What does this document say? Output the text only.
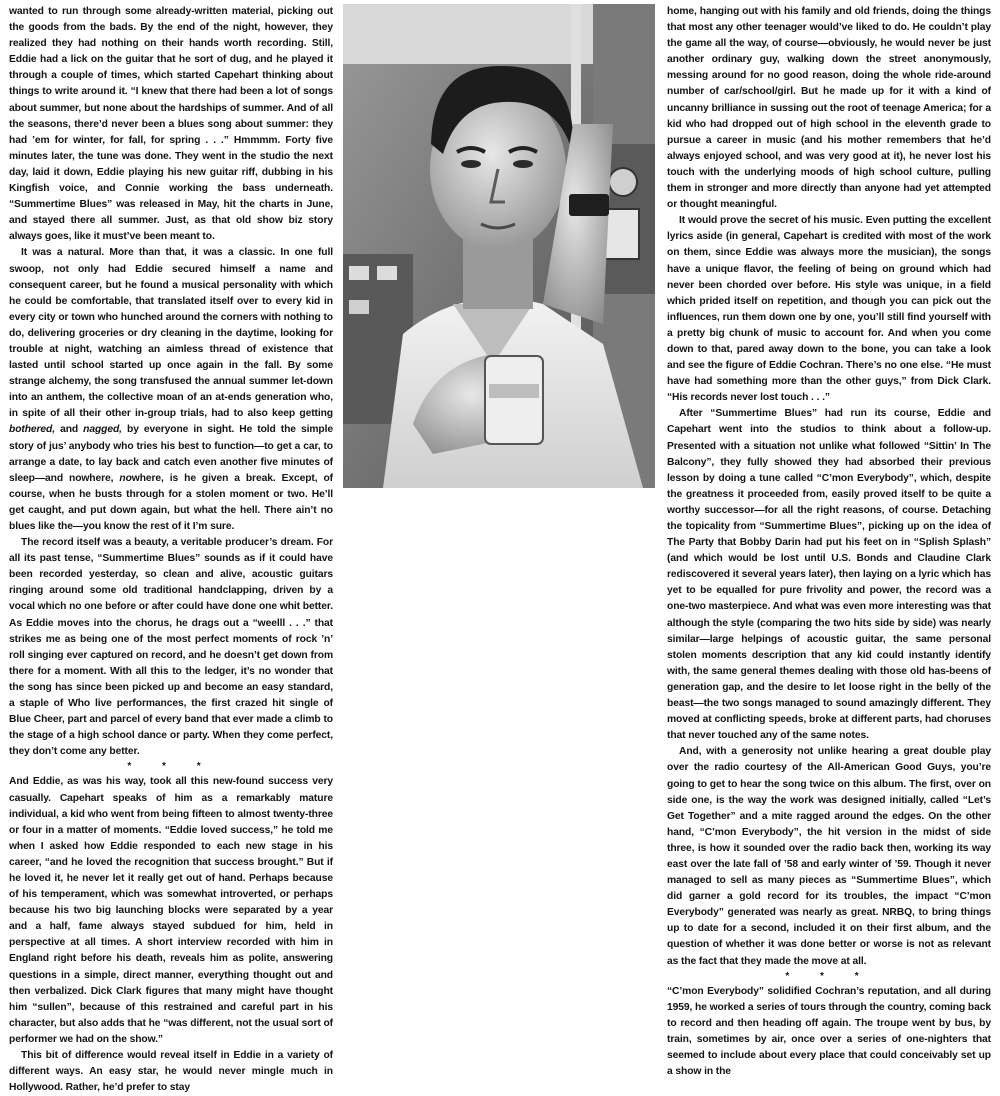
wanted to run through some already-written material, picking out the goods from the bads. By the end of the night, however, they realized they had nothing on their hands worth recording. Still, Eddie had a lick on the guitar that he sort of dug, and he played it through a couple of times, which started Capehart thinking about things to write around it. “I knew that there had been a lot of songs about summer, but none about the hardships of summer. And of all the seasons, there’d never been a blues song about summer: they had ’em for winter, for fall, for spring . . .” Hmmmm. Forty five minutes later, the tune was done. They went in the studio the next day, laid it down, Eddie playing his new guitar riff, dubbing in his Kingfish voice, and Connie working the bass underneath. “Summertime Blues” was released in May, hit the charts in June, and stayed there all summer. Just, as that old show biz story always goes, like it must’ve been meant to.

It was a natural. More than that, it was a classic. In one full swoop, not only had Eddie secured himself a name and consequent career, but he found a musical personality with which he could be comfortable, that translated itself over to every kid in every city or town who hunched around the corners with nothing to do, delivering groceries or dry cleaning in the daytime, looking for trouble at night, watching an aimless thread of existence that lasted until school started up once again in the fall. By some strange alchemy, the song transfused the annual summer let-down into an anthem, the collective moan of an at-ends generation who, in spite of all their other in-group trials, had to also keep getting bothered, and nagged, by everyone in sight. He told the simple story of jus’ anybody who tries his best to function—to get a car, to arrange a date, to lay back and catch even another five minutes of sleep—and nowhere, nowhere, is he given a break. Except, of course, when he busts through for a stolen moment or two. He’ll get caught, and put down again, but what the hell. There ain’t no blues like the—you know the rest of it I’m sure.

The record itself was a beauty, a veritable producer’s dream. For all its past tense, “Summertime Blues” sounds as if it could have been recorded yesterday, so clean and alive, acoustic guitars ringing around some old traditional handclapping, driven by a vocal which no one before or after could have done one whit better. As Eddie moves into the chorus, he drags out a “weelll . . .” that strikes me as being one of the most perfect moments of rock ’n’ roll singing ever captured on record, and he doesn’t get down from there for a moment. With all this to the ledger, it’s no wonder that the song has since been picked up and become an easy standard, a staple of Who live performances, the first crazed hit single of Blue Cheer, part and parcel of every band that ever made a climb to the stage of a high school dance or party. When they come perfect, they don’t come any better.

* * *

And Eddie, as was his way, took all this new-found success very casually. Capehart speaks of him as a remarkably mature individual, a kid who went from being fifteen to almost twenty-three or four in a matter of moments. “Eddie loved success,” he told me when I asked how Eddie responded to each new stage in his career, “and he loved the recognition that success brought.” But if he loved it, he never let it really get out of hand. Perhaps because of his temperament, which was somewhat introverted, or perhaps because his two big launching blocks were separated by a year and a half, fame always stayed subdued for him, held in perspective at all times. A short interview recorded with him in England right before his death, reveals him as polite, answering questions in a simple, direct manner, everything thought out and then verbalized. Dick Clark figures that many might have thought him “sullen”, because of this restrained and careful part in his character, but also adds that he “was different, not the usual sort of performer we had on the show.”

This bit of difference would reveal itself in Eddie in a variety of different ways. An easy star, he would never mingle much in Hollywood. Rather, he’d prefer to stay

home, hanging out with his family and old friends, doing the things that most any other teenager would’ve liked to do. He couldn’t play the game all the way, of course—obviously, he would never be just another ordinary guy, walking down the street anonymously, messing around for no good reason, doing the whole ride-around number of car/school/girl. But he made up for it with a kind of uncanny brilliance in sussing out the root of teenage America; for a kid who had dropped out of high school in the eleventh grade to pursue a career in music (and his mother remembers that he’d always enjoyed school, and was very good at it), he never lost his touch with the underlying moods of high school culture, pulling them in stronger and more directly than anyone had yet attempted or thought meaningful.

It would prove the secret of his music. Even putting the excellent lyrics aside (in general, Capehart is credited with most of the work on them, since Eddie was always more the musician), the songs have a unique flavor, the feeling of being on ground which had never been chorded over before. His style was unique, in a field which prided itself on repetition, and though you can pick out the influences, run them down one by one, you’ll still find yourself with a pretty big chunk of music to account for. And when you come down to that, pared away down to the bone, you can take a look and see the figure of Eddie Cochran. There’s no one else. “He must have had something more than the other guys,” from Dick Clark. “His records never lost touch . . .”

After “Summertime Blues” had run its course, Eddie and Capehart went into the studios to think about a follow-up. Presented with a situation not unlike what followed “Sittin’ In The Balcony”, they fully showed they had absorbed their previous lesson by doing a tune called “C’mon Everybody”, which, despite the greatness it proceeded from, easily proved itself to be quite a worthy successor—for all the right reasons, of course. Detaching the topicality from “Summertime Blues”, picking up on the idea of The Party that Bobby Darin had put his feet on in “Splish Splash” (and which would be lost until U.S. Bonds and Claudine Clark rediscovered it several years later), then laying on a lyric which has yet to be equalled for pure frivolity and power, the record was a one-two masterpiece. And what was even more interesting was that although the style (comparing the two hits side by side) was nearly similar—large helpings of acoustic guitar, the same personal stolen moments description that any kid could instantly identify with, the same general themes dealing with those old has-beens of generation gap, and the desire to let loose right in the belly of the beast—the two songs managed to sound amazingly different. They moved at conflicting speeds, broke at different parts, had choruses that never touched any of the same notes.

And, with a generosity not unlike hearing a great double play over the radio courtesy of the All-American Good Guys, you’re going to get to hear the song twice on this album. The first, over on side one, is the way the work was designed initially, called “Let’s Get Together” and a mite ragged around the edges. On the other hand, “C’mon Everybody”, the hit version in the midst of side three, is how it sounded over the radio back then, working its way east over the late fall of ’58 and early winter of ’59. Though it never managed to sell as many pieces as “Summertime Blues”, which did garner a gold record for its troubles, the impact “C’mon Everybody” generated was nearly as great. NRBQ, to bring things up to date for a second, included it on their first album, and the question of whether it was done better or worse is not as relevant as the fact that they made the move at all.

* * *

“C’mon Everybody” solidified Cochran’s reputation, and all during 1959, he worked a series of tours through the country, coming back to record and then heading off again. The troupe went by bus, by train, sometimes by air, once over a series of one-nighters that seemed to include about every place that could conceivably set up a show in the
